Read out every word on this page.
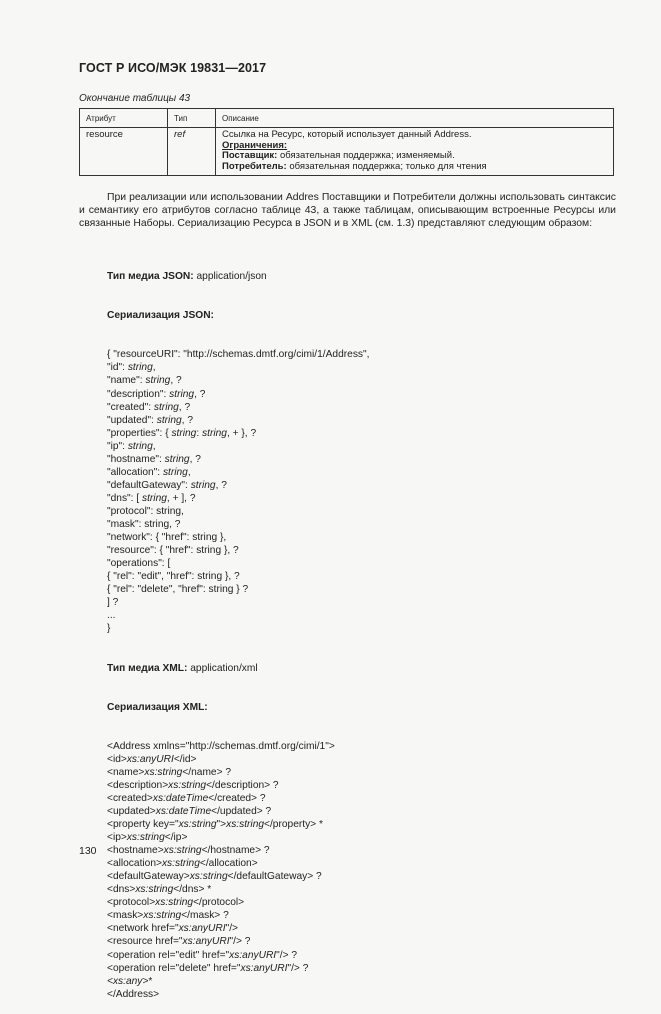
ГОСТ Р ИСО/МЭК 19831—2017
Окончание таблицы 43
Атрибут	Тип	Описание
resource	ref	Ссылка на Ресурс, который использует данный Address.
Ограничения:
Поставщик: обязательная поддержка; изменяемый.
Потребитель: обязательная поддержка; только для чтения
При реализации или использовании Addres Поставщики и Потребители должны использовать синтаксис и семантику его атрибутов согласно таблице 43, а также таблицам, описывающим встроенные Ресурсы или связанные Наборы. Сериализацию Ресурса в JSON и в XML (см. 1.3) представляют следующим образом:

Тип медиа JSON: application/json

Сериализация JSON:

{ "resourceURI": "http://schemas.dmtf.org/cimi/1/Address",
"id": string,
"name": string, ?
"description": string, ?
"created": string, ?
"updated": string, ?
"properties": { string: string, + }, ?
"ip": string,
"hostname": string, ?
"allocation": string,
"defaultGateway": string, ?
"dns": [ string, + ], ?
"protocol": string,
"mask": string, ?
"network": { "href": string },
"resource": { "href": string }, ?
"operations": [
{ "rel": "edit", "href": string }, ?
{ "rel": "delete", "href": string } ?
] ?
...
}

Тип медиа XML: application/xml

Сериализация XML:

<Address xmlns="http://schemas.dmtf.org/cimi/1">
<id>xs:anyURI</id>
<name>xs:string</name> ?
<description>xs:string</description> ?
<created>xs:dateTime</created> ?
<updated>xs:dateTime</updated> ?
<property key="xs:string">xs:string</property> *
<ip>xs:string</ip>
<hostname>xs:string</hostname> ?
<allocation>xs:string</allocation>
<defaultGateway>xs:string</defaultGateway> ?
<dns>xs:string</dns> *
<protocol>xs:string</protocol>
<mask>xs:string</mask> ?
<network href="xs:anyURI"/>
<resource href="xs:anyURI"/> ?
<operation rel="edit" href="xs:anyURI"/> ?
<operation rel="delete" href="xs:anyURI"/> ?
<xs:any>*
</Address>

130
